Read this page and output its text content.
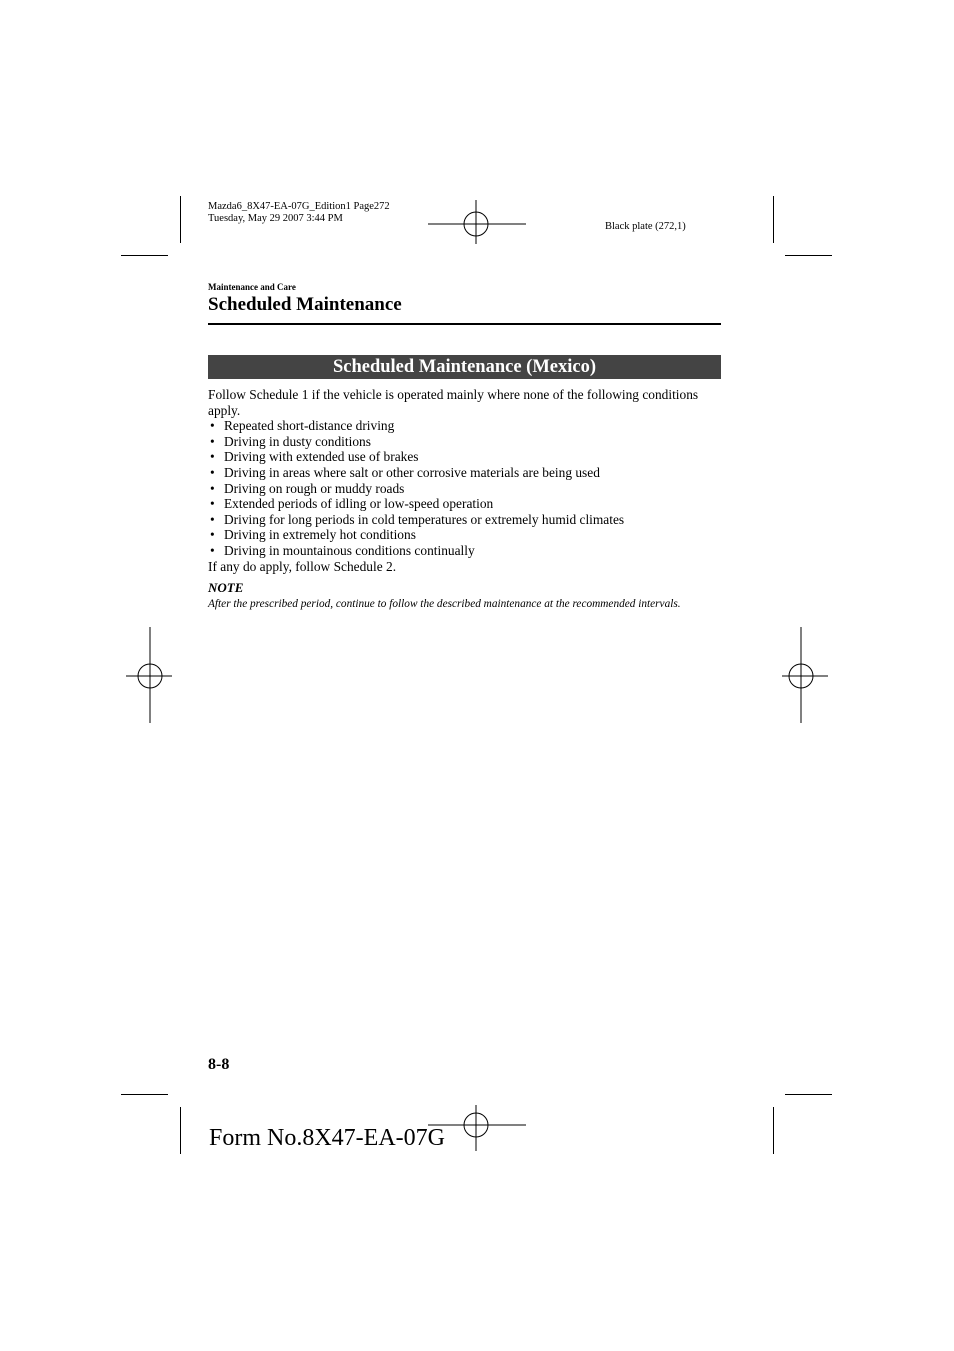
Mazda6_8X47-EA-07G_Edition1 Page272
Tuesday, May 29 2007 3:44 PM
Black plate (272,1)
Maintenance and Care
Scheduled Maintenance
Scheduled Maintenance (Mexico)
Follow Schedule 1 if the vehicle is operated mainly where none of the following conditions apply.
• Repeated short-distance driving
• Driving in dusty conditions
• Driving with extended use of brakes
• Driving in areas where salt or other corrosive materials are being used
• Driving on rough or muddy roads
• Extended periods of idling or low-speed operation
• Driving for long periods in cold temperatures or extremely humid climates
• Driving in extremely hot conditions
• Driving in mountainous conditions continually
If any do apply, follow Schedule 2.
NOTE
After the prescribed period, continue to follow the described maintenance at the recommended intervals.
8-8
Form No.8X47-EA-07G
